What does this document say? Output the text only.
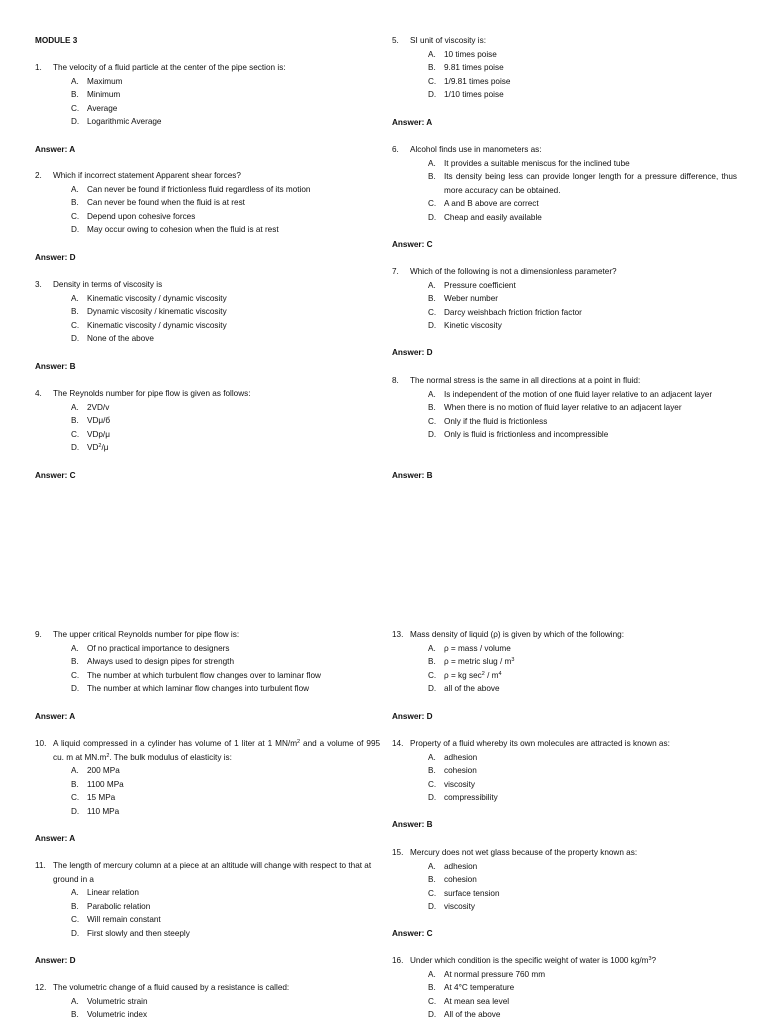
MODULE 3
1.	The velocity of a fluid particle at the center of the pipe section is:
A.	Maximum
B.	Minimum
C. Average
D. Logarithmic Average
Answer: A
2.	Which if incorrect statement Apparent shear forces?
A.	Can never be found if frictionless fluid regardless of its motion
B.	Can never be found when the fluid is at rest
C. Depend upon cohesive forces
D. May occur owing to cohesion when the fluid is at rest
Answer: D
3.	Density in terms of viscosity is
A.	Kinematic viscosity / dynamic viscosity
B.	Dynamic viscosity / kinematic viscosity
C. Kinematic viscosity / dynamic viscosity
D. None of the above
Answer: B
4.	The Reynolds number for pipe flow is given as follows:
A.	2VD/v
B.	VDμ/б
C. VDp/μ
D. $VD^2/\mu$
Answer: C
5.	SI unit of viscosity is:
A.	10 times poise
B.	9.81 times poise
C. 1/9.81 times poise
D. 1/10 times poise
Answer: A
6.	Alcohol finds use in manometers as:
A.	It provides a suitable meniscus for the inclined tube
B.	Its density being less can provide longer length for a pressure difference, thus more accuracy can be obtained.
C. A and B above are correct
D. Cheap and easily available
Answer: C
7.	Which of the following is not a dimensionless parameter?
A.	Pressure coefficient
B.	Weber number
C. Darcy weishbach friction friction factor
D. Kinetic viscosity
Answer: D
8.	The normal stress is the same in all directions at a point in fluid:
A.	Is independent of the motion of one fluid layer relative to an adjacent layer
B.	When there is no motion of fluid layer relative to an adjacent layer
C. Only if the fluid is frictionless
D. Only is fluid is frictionless and incompressible
Answer: B
9.	The upper critical Reynolds number for pipe flow is:
A.	Of no practical importance to designers
B.	Always used to design pipes for strength
C. The number at which turbulent flow changes over to laminar flow
D. The number at which laminar flow changes into turbulent flow
Answer: A
10. A liquid compressed in a cylinder has volume of 1 liter at 1 $MN/m^2$ and a volume of 995 cu. m at $MN.m^2$. The bulk modulus of elasticity is:
A.	200 MPa
B.	1100 MPa
C. 15 MPa
D. 110 MPa
Answer: A
11. The length of mercury column at a piece at an altitude will change with respect to that at ground in a
A.	Linear relation
B.	Parabolic relation
C. Will remain constant
D. First slowly and then steeply
Answer: D
12. The volumetric change of a fluid caused by a resistance is called:
A.	Volumetric strain
B.	Volumetric index
13. Mass density of liquid (ρ) is given by which of the following:
A.	ρ = mass / volume
B.	ρ = metric slug / $m^3$
C. ρ = kg $\sec^2 / m^4$
D. all of the above
Answer: D
14. Property of a fluid whereby its own molecules are attracted is known as:
A.	adhesion
B.	cohesion
C. viscosity
D. compressibility
Answer: B
15. Mercury does not wet glass because of the property known as:
A.	adhesion
B.	cohesion
C. surface tension
D. viscosity
Answer: C
16. Under which condition is the specific weight of water is 1000 $kg/m^3$?
A.	At normal pressure 760 mm
B.	At 4°C temperature
C. At mean sea level
D. All of the above
